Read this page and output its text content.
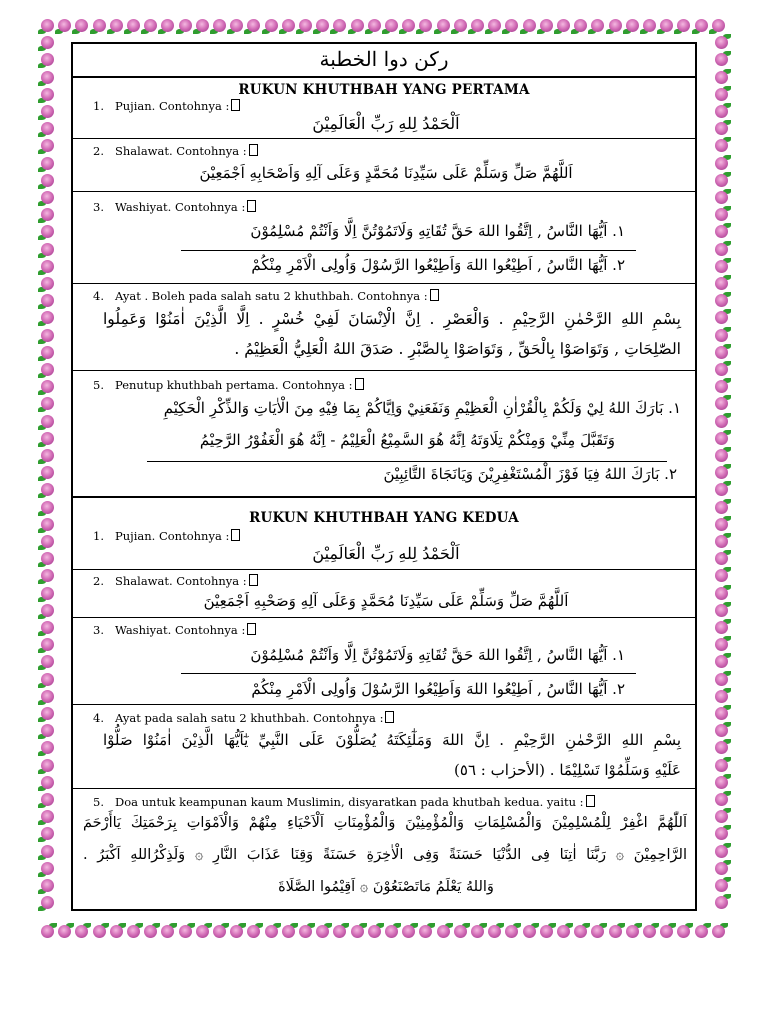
ركن دوا الخطبة
RUKUN KHUTHBAH YANG PERTAMA
1. Pujian. Contohnya :
اَلْحَمْدُ لِلهِ رَبِّ الْعَالَمِيْنَ
2. Shalawat. Contohnya :
اَللَّهُمَّ صَلِّ وَسَلِّمْ عَلَى سَيِّدِنَا مُحَمَّدٍ وَعَلَى آلِهِ وَاَصْحَابِهِ اَجْمَعِيْنَ
3. Washiyat. Contohnya :
١. اَيُّهَا النَّاسُ , اِتَّقُوا اللهَ حَقَّ تُقَاتِهِ وَلَاتَمُوْتُنَّ اِلَّا وَاَنْتُمْ مُسْلِمُوْنَ
٢. اَيُّهَا النَّاسُ , اَطِيْعُوا اللهَ وَاَطِيْعُوا الرَّسُوْلَ وَاُولِى الْاَمْرِ مِنْكُمْ
4. Ayat . Boleh pada salah satu 2 khuthbah. Contohnya :
بِسْمِ اللهِ الرَّحْمٰنِ الرَّحِيْمِ . وَالْعَصْرِ . اِنَّ الْاِنْسَانَ لَفِيْ خُسْرٍ . اِلَّا الَّذِيْنَ اٰمَنُوْا وَعَمِلُوا
الصّٰلِحَاتِ , وَتَوَاصَوْا بِالْحَقِّ , وَتَوَاصَوْا بِالصَّبْرِ . صَدَقَ اللهُ الْعَلِيُّ الْعَظِيْمُ .
5. Penutup khuthbah pertama. Contohnya :
١. بَارَكَ اللهُ لِيْ وَلَكُمْ بِالْقُرْاٰنِ الْعَظِيْمِ وَنَفَعَنِيْ وَاِيَّاكُمْ بِمَا فِيْهِ مِنَ الْاٰيَاتِ وَالذِّكْرِ الْحَكِيْمِ
وَتَقَبَّلَ مِنِّيْ وَمِنْكُمْ تِلَاوَتَهُ اِنَّهُ هُوَ السَّمِيْعُ الْعَلِيْمُ - اِنَّهُ هُوَ الْغَفُوْرُ الرَّحِيْمُ
٢. بَارَكَ اللهُ فِيَا فَوْزَ الْمُسْتَغْفِرِيْنَ وَيَانَجَاةَ التَّائِبِيْنَ
RUKUN KHUTHBAH YANG KEDUA
1. Pujian. Contohnya :
اَلْحَمْدُ لِلهِ رَبِّ الْعَالَمِيْنَ
2. Shalawat. Contohnya :
اَللَّهُمَّ صَلِّ وَسَلِّمْ عَلَى سَيِّدِنَا مُحَمَّدٍ وَعَلَى آلِهِ وَصَحْبِهِ اَجْمَعِيْنَ
3. Washiyat. Contohnya :
١. اَيُّهَا النَّاسُ , اِتَّقُوا اللهَ حَقَّ تُقَاتِهِ وَلَاتَمُوْتُنَّ اِلَّا وَاَنْتُمْ مُسْلِمُوْنَ
٢. اَيُّهَا النَّاسُ , اَطِيْعُوا اللهَ وَاَطِيْعُوا الرَّسُوْلَ وَاُولِى الْاَمْرِ مِنْكُمْ
4. Ayat pada salah satu 2 khuthbah. Contohnya :
بِسْمِ اللهِ الرَّحْمٰنِ الرَّحِيْمِ . اِنَّ اللهَ وَمَلٰٓئِكَتَهُ يُصَلُّوْنَ عَلَى النَّبِيِّ يٰٓاَيُّهَا الَّذِيْنَ اٰمَنُوْا صَلُّوْا
عَلَيْهِ وَسَلِّمُوْا تَسْلِيْمًا . (الأحزاب : ٥٦)
5. Doa untuk keampunan kaum Muslimin, disyaratkan pada khutbah kedua. yaitu :
اَللّٰهُمَّ اغْفِرْ لِلْمُسْلِمِيْنَ وَالْمُسْلِمَاتِ وَالْمُؤْمِنِيْنَ وَالْمُؤْمِنَاتِ اَلْاَحْيَاءِ مِنْهُمْ وَالْاَمْوَاتِ بِرَحْمَتِكَ يَاأَرْحَمَ
الرَّاحِمِيْنَ ۞ رَبَّنَا اٰتِنَا فِى الدُّنْيَا حَسَنَةً وَفِى الْاٰخِرَةِ حَسَنَةً وَقِنَا عَذَابَ النَّارِ ۞ وَلَذِكْرُاللهِ اَكْبَرُ .
وَاللهُ يَعْلَمُ مَاتَصْنَعُوْنَ ۞ اَقِيْمُوا الصَّلَاةَ
